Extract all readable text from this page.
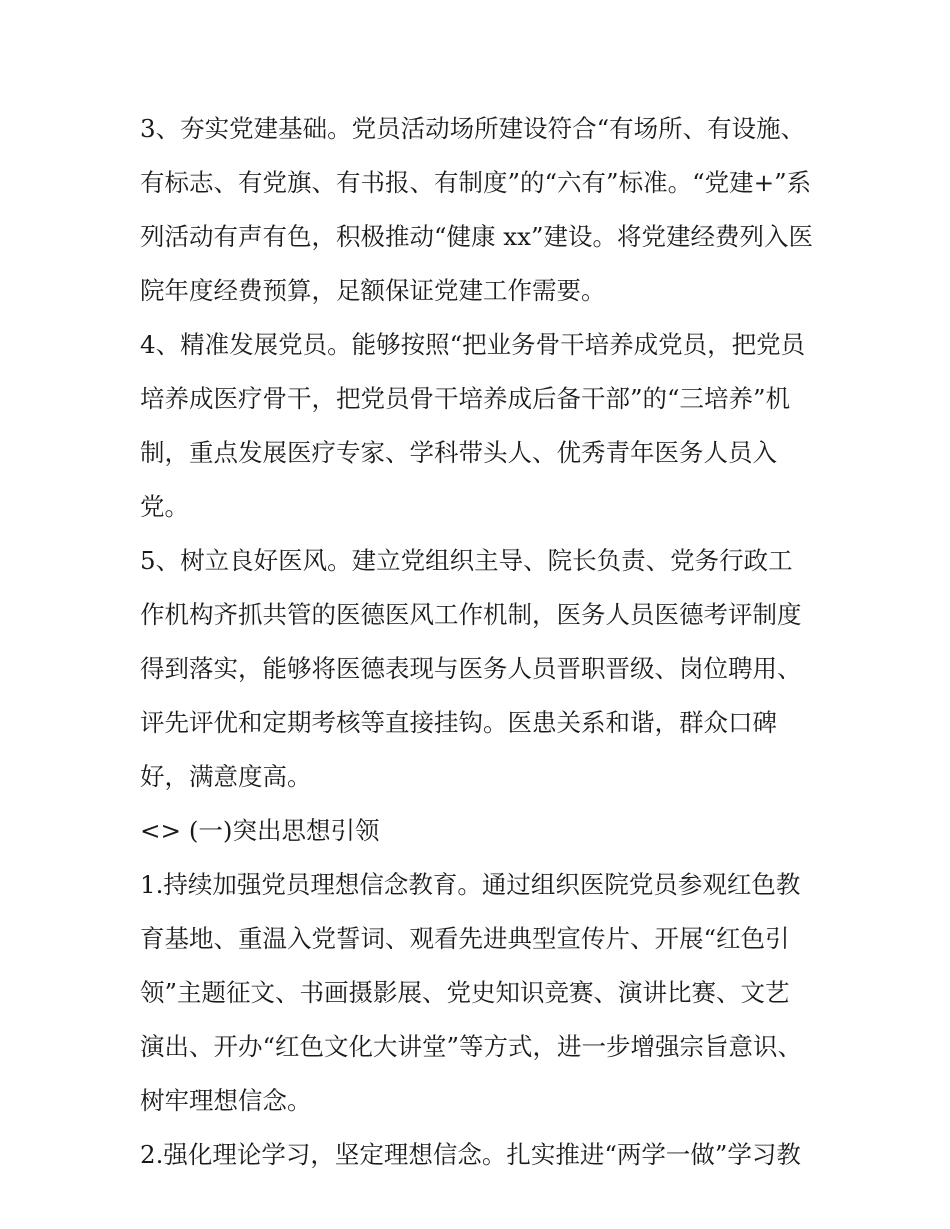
3、夯实党建基础。党员活动场所建设符合“有场所、有设施、
有标志、有党旗、有书报、有制度”的“六有”标准。“党建+”系
列活动有声有色，积极推动“健康 xx”建设。将党建经费列入医
院年度经费预算，足额保证党建工作需要。
4、精准发展党员。能够按照“把业务骨干培养成党员，把党员
培养成医疗骨干，把党员骨干培养成后备干部”的“三培养”机
制，重点发展医疗专家、学科带头人、优秀青年医务人员入
党。
5、树立良好医风。建立党组织主导、院长负责、党务行政工
作机构齐抓共管的医德医风工作机制，医务人员医德考评制度
得到落实，能够将医德表现与医务人员晋职晋级、岗位聘用、
评先评优和定期考核等直接挂钩。医患关系和谐，群众口碑
好，满意度高。
<> (一)突出思想引领
1.持续加强党员理想信念教育。通过组织医院党员参观红色教
育基地、重温入党誓词、观看先进典型宣传片、开展“红色引
领”主题征文、书画摄影展、党史知识竞赛、演讲比赛、文艺
演出、开办“红色文化大讲堂”等方式，进一步增强宗旨意识、
树牢理想信念。
2.强化理论学习，坚定理想信念。扎实推进“两学一做”学习教
